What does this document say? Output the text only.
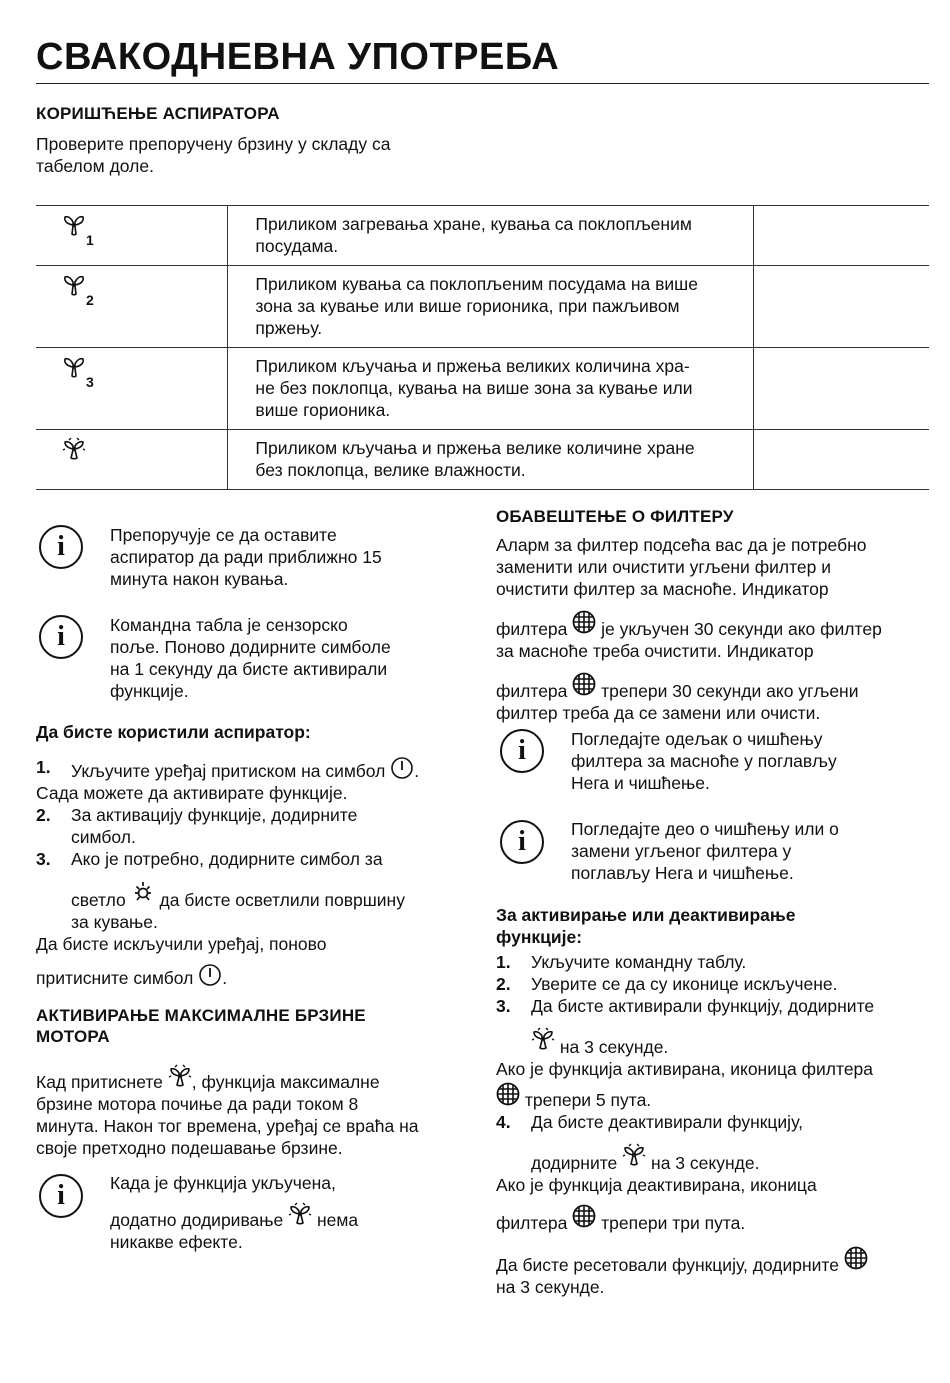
СВАКОДНЕВНА УПОТРЕБА
КОРИШЋЕЊЕ АСПИРАТОРА

Проверите препоручену брзину у складу са

табелом доле.

$_1$	Приликом загревања хране, кувања са поклопљеним
посудама.	

$_2$	Приликом кувања са поклопљеним посудама на више
зона за кување или више горионика, при пажљивом
пржењу.	

$_3$	Приликом кључања и пржења великих количина хра-
не без поклопца, кувања на више зона за кување или
више горионика.	

Приликом кључања и пржења велике количине хране
без поклопца, велике влажности.	

i	Препоручује се да оставите

аспиратор да ради приближно 15

минута након кувања.

i	Командна табла је сензорско

поље. Поново додирните симболе

на 1 секунду да бисте активирали

функције.

Да бисте користили аспиратор:
1. Укључите уређај притиском на симбол .

Сада можете да активирате функције.

2. За активацију функције, додирните
симбол.
3. Ако је потребно, додирните симбол за
светло да бисте осветлили површину
за кување.

Да бисте искључили уређај, поново

притисните симбол .

АКТИВИРАЊЕ МАКСИМАЛНЕ БРЗИНЕ
МОТОРА

Кад притиснете , функција максималне

брзине мотора почиње да ради током 8

минута. Након тог времена, уређај се враћа на

своје претходно подешавање брзине.

i	Када је функција укључена,

додатно додиривање нема

никакве ефекте.

ОБАВЕШТЕЊЕ О ФИЛТЕРУ

Аларм за филтер подсећа вас да је потребно

заменити или очистити угљени филтер и

очистити филтер за масноће. Индикатор

филтера је укључен 30 секунди ако филтер

за масноће треба очистити. Индикатор

филтера трепери 30 секунди ако угљени

филтер треба да се замени или очисти.

i	Погледајте одељак о чишћењу

филтера за масноће у поглављу

Нега и чишћење.

i	Погледајте део о чишћењу или о

замени угљеног филтера у

поглављу Нега и чишћење.

За активирање или деактивирање
функције:
1. Укључите командну таблу.
2. Уверите се да су иконице искључене.
3. Да бисте активирали функцију, додирните
на 3 секунде.

Ако је функција активирана, иконица филтера

трепери 5 пута.

4. Да бисте деактивирали функцију,
додирните на 3 секунде.

Ако је функција деактивирана, иконица

филтера трепери три пута.

Да бисте ресетовали функцију, додирните

на 3 секунде.
